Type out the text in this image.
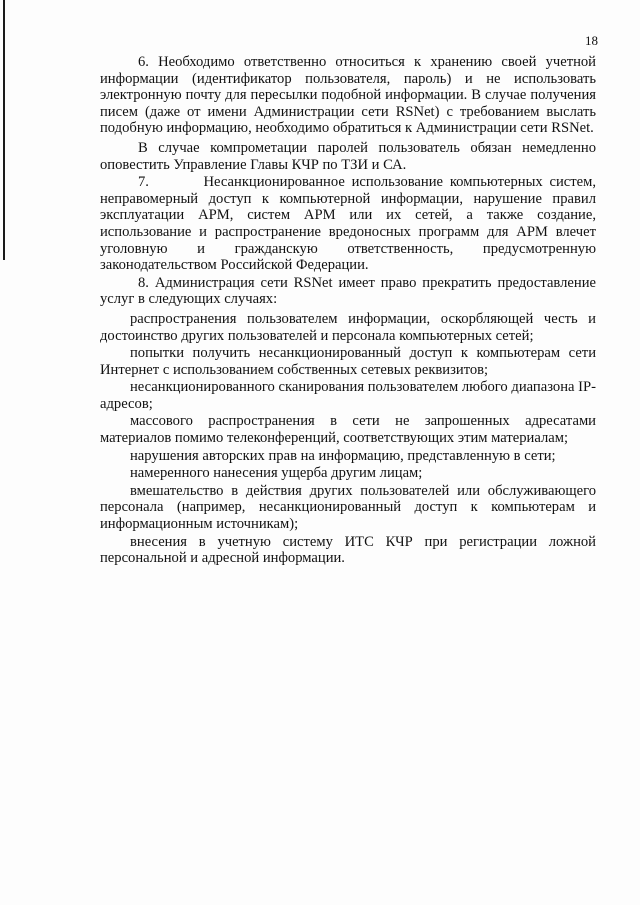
18

6. Необходимо ответственно относиться к хранению своей учетной информации (идентификатор пользователя, пароль) и не использовать электронную почту для пересылки подобной информации. В случае получения писем (даже от имени Администрации сети RSNet) с требованием выслать подобную информацию, необходимо обратиться к Администрации сети RSNet.

В случае компрометации паролей пользователь обязан немедленно оповестить Управление Главы КЧР по ТЗИ и СА.

7.        Несанкционированное использование компьютерных систем, неправомерный доступ к компьютерной информации, нарушение правил эксплуатации АРМ, систем АРМ или их сетей, а также создание, использование и распространение вредоносных программ для АРМ влечет уголовную и гражданскую ответственность, предусмотренную законодательством Российской Федерации.

8. Администрация сети RSNet имеет право прекратить предоставление услуг в следующих случаях:

распространения пользователем информации, оскорбляющей честь и достоинство других пользователей и персонала компьютерных сетей;

попытки получить несанкционированный доступ к компьютерам сети Интернет с использованием собственных сетевых реквизитов;

несанкционированного сканирования пользователем любого диапазона IP-адресов;

массового распространения в сети не запрошенных адресатами материалов помимо телеконференций, соответствующих этим материалам;

нарушения авторских прав на информацию, представленную в сети;

намеренного нанесения ущерба другим лицам;

вмешательство в действия других пользователей или обслуживающего персонала (например, несанкционированный доступ к компьютерам и информационным источникам);

внесения в учетную систему ИТС КЧР при регистрации ложной персональной и адресной информации.
